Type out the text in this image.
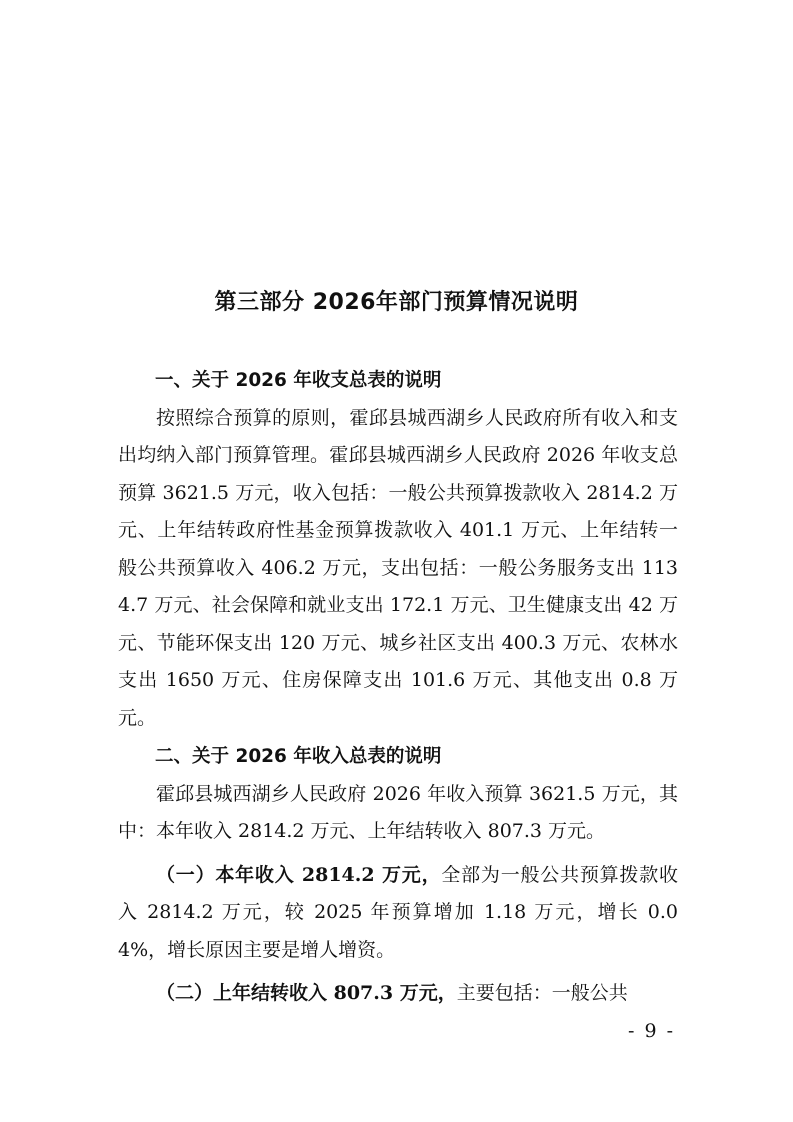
第三部分 2026年部门预算情况说明

一、关于 2026 年收支总表的说明

按照综合预算的原则，霍邱县城西湖乡人民政府所有收入和支出均纳入部门预算管理。霍邱县城西湖乡人民政府 2026 年收支总预算 3621.5 万元，收入包括：一般公共预算拨款收入 2814.2 万元、上年结转政府性基金预算拨款收入 401.1 万元、上年结转一般公共预算收入 406.2 万元，支出包括：一般公务服务支出 1134.7 万元、社会保障和就业支出 172.1 万元、卫生健康支出 42 万元、节能环保支出 120 万元、城乡社区支出 400.3 万元、农林水支出 1650 万元、住房保障支出 101.6 万元、其他支出 0.8 万元。

二、关于 2026 年收入总表的说明

霍邱县城西湖乡人民政府 2026 年收入预算 3621.5 万元，其中：本年收入 2814.2 万元、上年结转收入 807.3 万元。

（一）本年收入 2814.2 万元，全部为一般公共预算拨款收入 2814.2 万元，较 2025 年预算增加 1.18 万元，增长 0.04%，增长原因主要是增人增资。

（二）上年结转收入 807.3 万元，主要包括：一般公共

- 9 -
